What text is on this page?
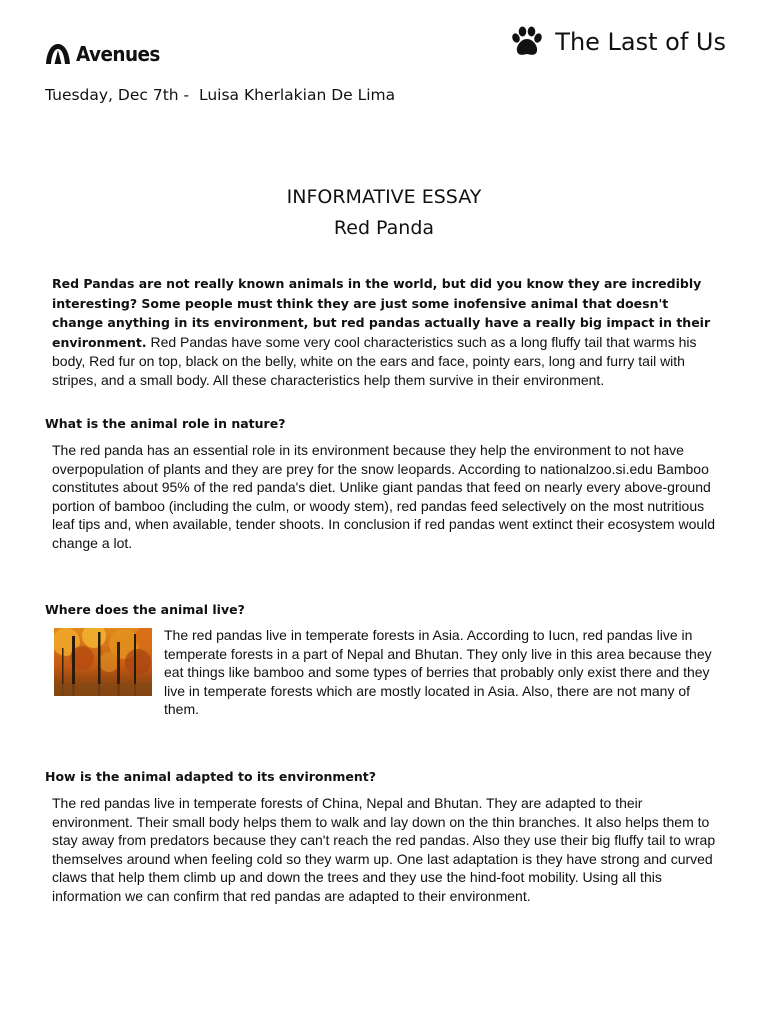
Avenues	The Last of Us
Tuesday, Dec 7th -  Luisa Kherlakian De Lima
INFORMATIVE ESSAY
Red Panda

Red Pandas are not really known animals in the world, but did you know they are incredibly interesting? Some people must think they are just some inofensive animal that doesn't change anything in its environment, but red pandas actually have a really big impact in their environment. Red Pandas have some very cool characteristics such as a long fluffy tail that warms his body, Red fur on top, black on the belly, white on the ears and face, pointy ears, long and furry tail with stripes, and a small body. All these characteristics help them survive in their environment.

What is the animal role in nature?

The red panda has an essential role in its environment because they help the environment to not have overpopulation of plants and they are prey for the snow leopards. According to nationalzoo.si.edu Bamboo constitutes about 95% of the red panda's diet. Unlike giant pandas that feed on nearly every above-ground portion of bamboo (including the culm, or woody stem), red pandas feed selectively on the most nutritious leaf tips and, when available, tender shoots. In conclusion if red pandas went extinct their ecosystem would change a lot.

Where does the animal live?

The red pandas live in temperate forests in Asia. According to Iucn, red pandas live in temperate forests in a part of Nepal and Bhutan. They only live in this area because they eat things like bamboo and some types of berries that probably only exist there and they live in temperate forests which are mostly located in Asia. Also, there are not many of them.

How is the animal adapted to its environment?

The red pandas live in temperate forests of China, Nepal and Bhutan. They are adapted to their environment. Their small body helps them to walk and lay down on the thin branches. It also helps them to stay away from predators because they can't reach the red pandas. Also they use their big fluffy tail to wrap themselves around when feeling cold so they warm up. One last adaptation is they have strong and curved claws that help them climb up and down the trees and they use the hind-foot mobility. Using all this information we can confirm that red pandas are adapted to their environment.
